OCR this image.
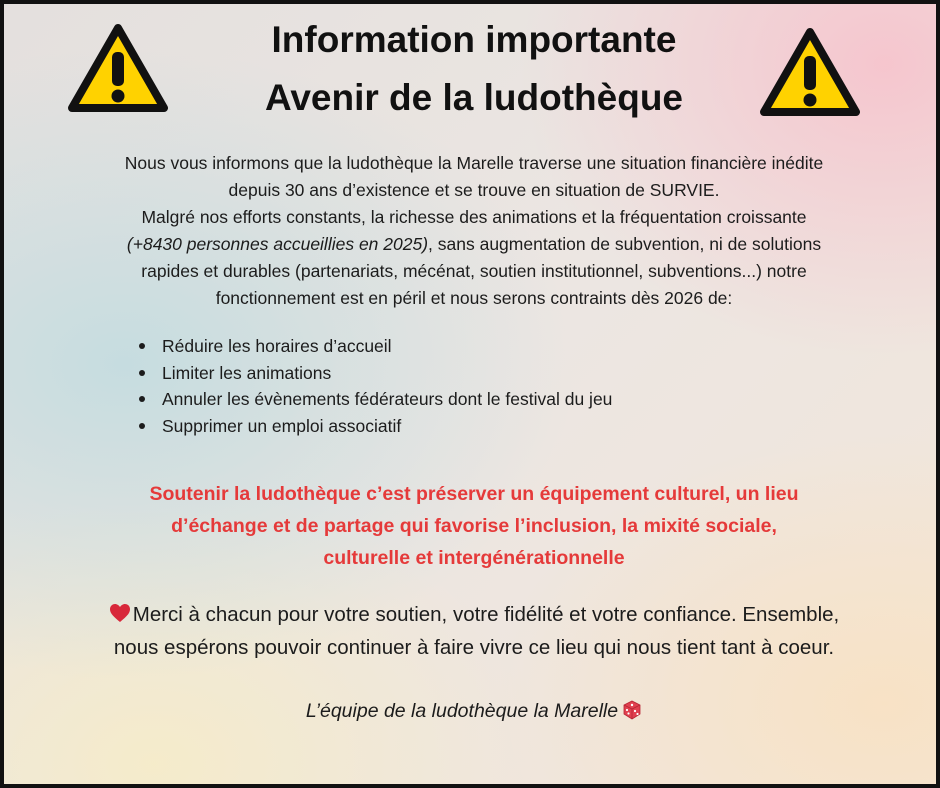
Information importante
Avenir de la ludothèque
Nous vous informons que la ludothèque la Marelle traverse une situation financière inédite
depuis 30 ans d’existence et se trouve en situation de SURVIE.
Malgré nos efforts constants, la richesse des animations et la fréquentation croissante
(+8430 personnes accueillies en 2025), sans augmentation de subvention, ni de solutions
rapides et durables (partenariats, mécénat, soutien institutionnel, subventions...) notre
fonctionnement est en péril et nous serons contraints dès 2026 de:
Réduire les horaires d’accueil
Limiter les animations
Annuler les évènements fédérateurs dont le festival du jeu
Supprimer un emploi associatif
Soutenir la ludothèque c’est préserver un équipement culturel, un lieu
d’échange et de partage qui favorise l’inclusion, la mixité sociale,
culturelle et intergénérationnelle
Merci à chacun pour votre soutien, votre fidélité et votre confiance. Ensemble,
nous espérons pouvoir continuer à faire vivre ce lieu qui nous tient tant à coeur.
L’équipe de la ludothèque la Marelle
